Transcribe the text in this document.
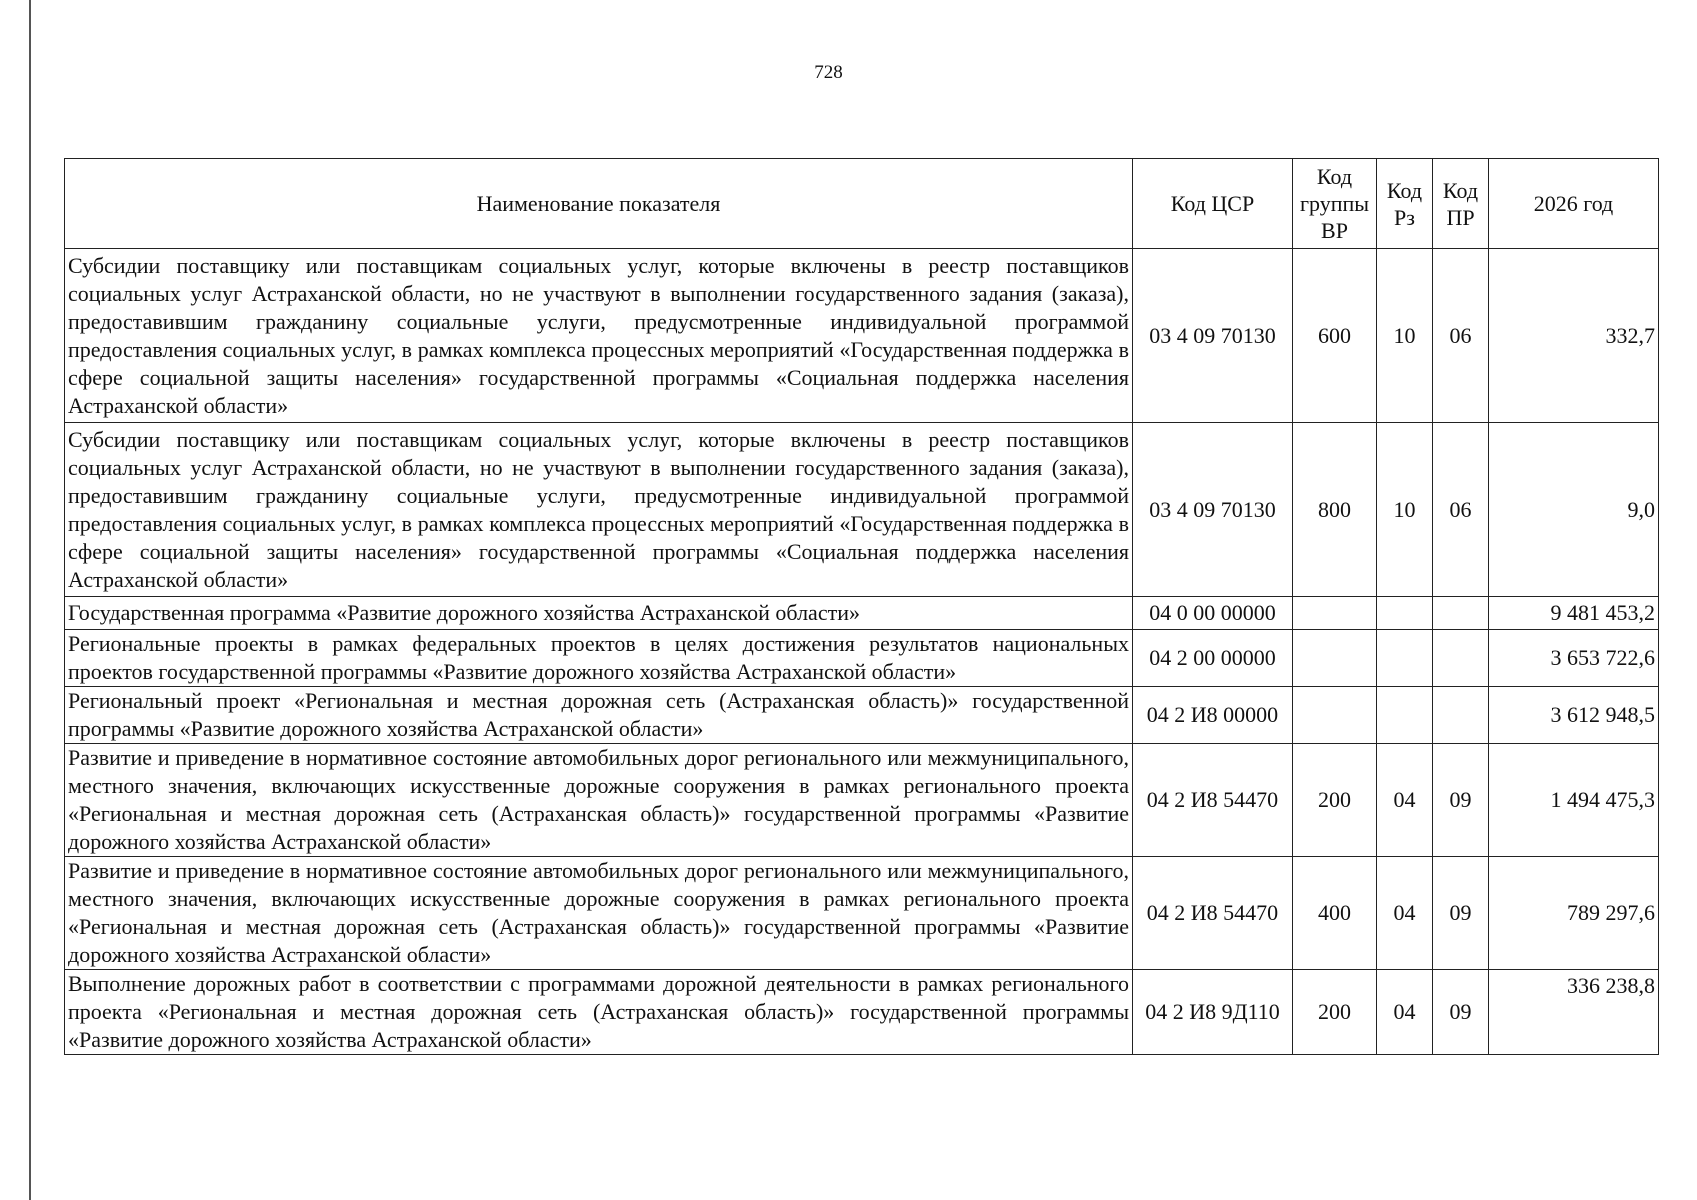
728
Наименование показателя	Код ЦСР	Код группы ВР	Код Рз	Код ПР	2026 год
Субсидии поставщику или поставщикам социальных услуг, которые включены в реестр поставщиков социальных услуг Астраханской области, но не участвуют в выполнении государственного задания (заказа), предоставившим гражданину социальные услуги, предусмотренные индивидуальной программой предоставления социальных услуг, в рамках комплекса процессных мероприятий «Государственная поддержка в сфере социальной защиты населения» государственной программы «Социальная поддержка населения Астраханской области»	03 4 09 70130	600	10	06	332,7
Субсидии поставщику или поставщикам социальных услуг, которые включены в реестр поставщиков социальных услуг Астраханской области, но не участвуют в выполнении государственного задания (заказа), предоставившим гражданину социальные услуги, предусмотренные индивидуальной программой предоставления социальных услуг, в рамках комплекса процессных мероприятий «Государственная поддержка в сфере социальной защиты населения» государственной программы «Социальная поддержка населения Астраханской области»	03 4 09 70130	800	10	06	9,0
Государственная программа «Развитие дорожного хозяйства Астраханской области»	04 0 00 00000				9 481 453,2
Региональные проекты в рамках федеральных проектов в целях достижения результатов национальных проектов государственной программы «Развитие дорожного хозяйства Астраханской области»	04 2 00 00000				3 653 722,6
Региональный проект «Региональная и местная дорожная сеть (Астраханская область)» государственной программы «Развитие дорожного хозяйства Астраханской области»	04 2 И8 00000				3 612 948,5
Развитие и приведение в нормативное состояние автомобильных дорог регионального или межмуниципального, местного значения, включающих искусственные дорожные сооружения в рамках регионального проекта «Региональная и местная дорожная сеть (Астраханская область)» государственной программы «Развитие дорожного хозяйства Астраханской области»	04 2 И8 54470	200	04	09	1 494 475,3
Развитие и приведение в нормативное состояние автомобильных дорог регионального или межмуниципального, местного значения, включающих искусственные дорожные сооружения в рамках регионального проекта «Региональная и местная дорожная сеть (Астраханская область)» государственной программы «Развитие дорожного хозяйства Астраханской области»	04 2 И8 54470	400	04	09	789 297,6
Выполнение дорожных работ в соответствии с программами дорожной деятельности в рамках регионального проекта «Региональная и местная дорожная сеть (Астраханская область)» государственной программы «Развитие дорожного хозяйства Астраханской области»	04 2 И8 9Д110	200	04	09	336 238,8
